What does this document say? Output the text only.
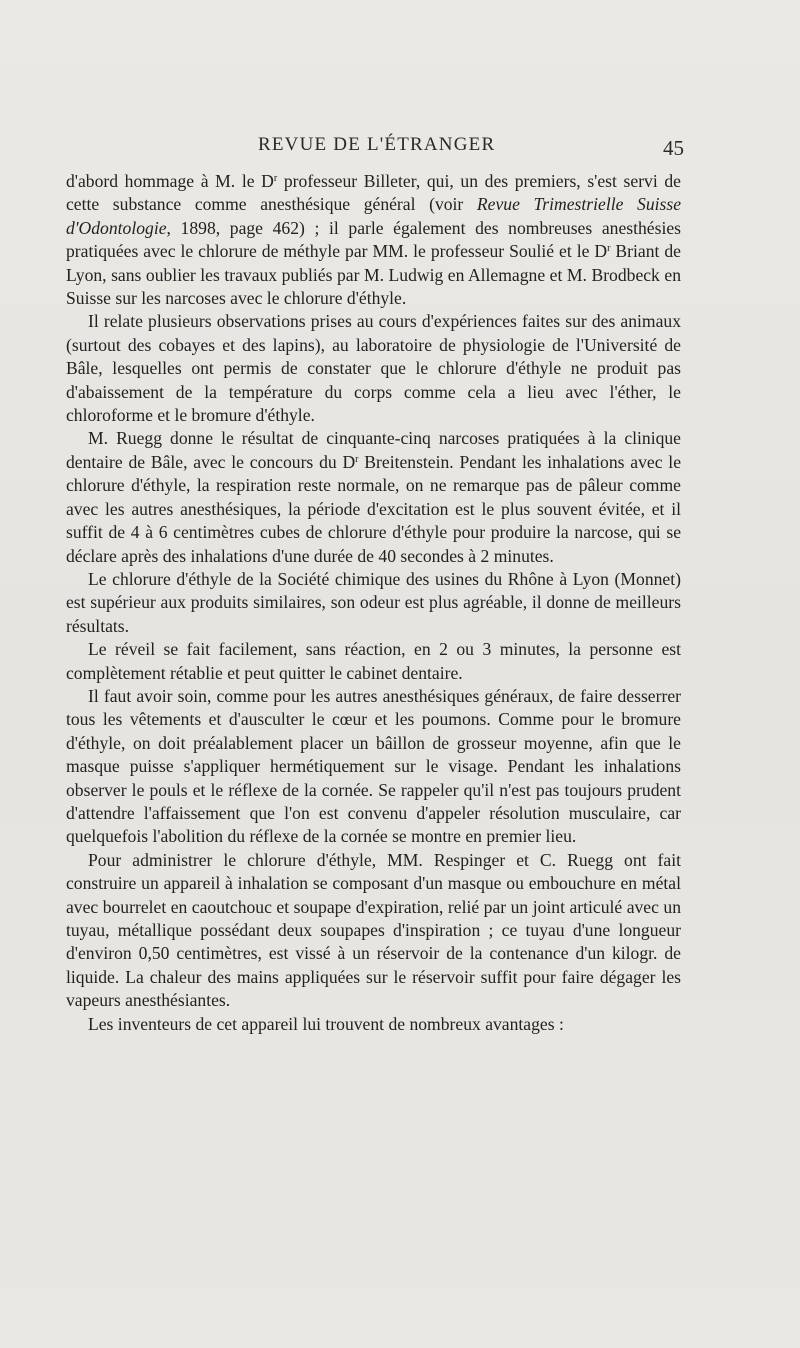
REVUE DE L'ÉTRANGER	45

d'abord hommage à M. le $D^r$ professeur Billeter, qui, un des premiers, s'est servi de cette substance comme anesthésique général (voir Revue Trimestrielle Suisse d'Odontologie, 1898, page 462) ; il parle également des nombreuses anesthésies pratiquées avec le chlorure de méthyle par MM. le professeur Soulié et le $D^r$ Briant de Lyon, sans oublier les travaux publiés par M. Ludwig en Allemagne et M. Brodbeck en Suisse sur les narcoses avec le chlorure d'éthyle.

Il relate plusieurs observations prises au cours d'expériences faites sur des animaux (surtout des cobayes et des lapins), au laboratoire de physiologie de l'Université de Bâle, lesquelles ont permis de constater que le chlorure d'éthyle ne produit pas d'abaissement de la température du corps comme cela a lieu avec l'éther, le chloroforme et le bromure d'éthyle.

M. Ruegg donne le résultat de cinquante-cinq narcoses pratiquées à la clinique dentaire de Bâle, avec le concours du $D^r$ Breitenstein. Pendant les inhalations avec le chlorure d'éthyle, la respiration reste normale, on ne remarque pas de pâleur comme avec les autres anesthésiques, la période d'excitation est le plus souvent évitée, et il suffit de 4 à 6 centimètres cubes de chlorure d'éthyle pour produire la narcose, qui se déclare après des inhalations d'une durée de 40 secondes à 2 minutes.

Le chlorure d'éthyle de la Société chimique des usines du Rhône à Lyon (Monnet) est supérieur aux produits similaires, son odeur est plus agréable, il donne de meilleurs résultats.

Le réveil se fait facilement, sans réaction, en 2 ou 3 minutes, la personne est complètement rétablie et peut quitter le cabinet dentaire.

Il faut avoir soin, comme pour les autres anesthésiques généraux, de faire desserrer tous les vêtements et d'ausculter le cœur et les poumons. Comme pour le bromure d'éthyle, on doit préalablement placer un bâillon de grosseur moyenne, afin que le masque puisse s'appliquer hermétiquement sur le visage. Pendant les inhalations observer le pouls et le réflexe de la cornée. Se rappeler qu'il n'est pas toujours prudent d'attendre l'affaissement que l'on est convenu d'appeler résolution musculaire, car quelquefois l'abolition du réflexe de la cornée se montre en premier lieu.

Pour administrer le chlorure d'éthyle, MM. Respinger et C. Ruegg ont fait construire un appareil à inhalation se composant d'un masque ou embouchure en métal avec bourrelet en caoutchouc et soupape d'expiration, relié par un joint articulé avec un tuyau, métallique possédant deux soupapes d'inspiration ; ce tuyau d'une longueur d'environ 0,50 centimètres, est vissé à un réservoir de la contenance d'un kilogr. de liquide. La chaleur des mains appliquées sur le réservoir suffit pour faire dégager les vapeurs anesthésiantes.

Les inventeurs de cet appareil lui trouvent de nombreux avantages :
